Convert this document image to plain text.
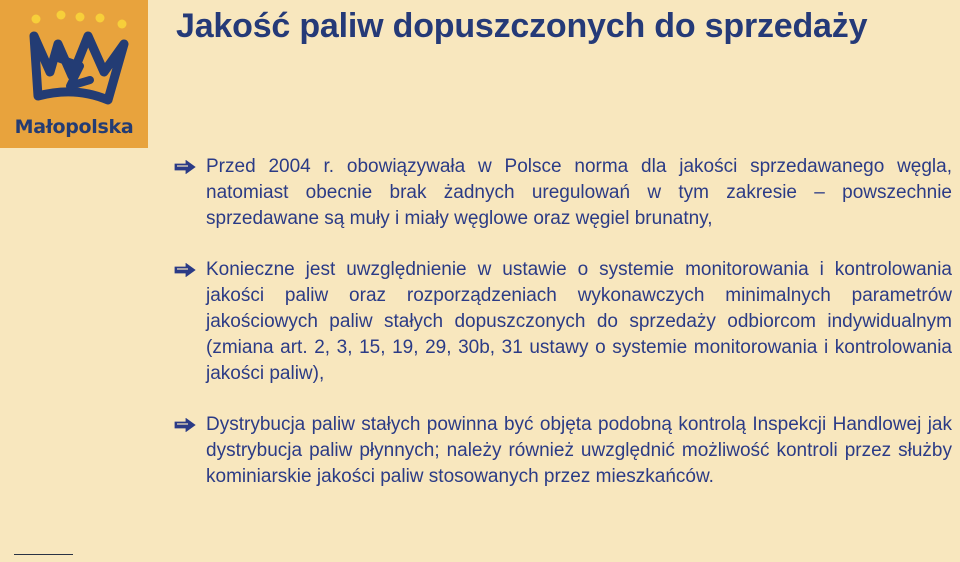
Małopolska
Jakość paliw dopuszczonych do sprzedaży
Przed 2004 r. obowiązywała w Polsce norma dla jakości sprzedawanego węgla, natomiast obecnie brak żadnych uregulowań w tym zakresie – powszechnie sprzedawane są muły i miały węglowe oraz węgiel brunatny,
Konieczne jest uwzględnienie w ustawie o systemie monitorowania i kontrolowania jakości paliw oraz rozporządzeniach wykonawczych minimalnych parametrów jakościowych paliw stałych dopuszczonych do sprzedaży odbiorcom indywidualnym (zmiana art. 2, 3, 15, 19, 29, 30b, 31 ustawy o systemie monitorowania i kontrolowania jakości paliw),
Dystrybucja paliw stałych powinna być objęta podobną kontrolą Inspekcji Handlowej jak dystrybucja paliw płynnych; należy również uwzględnić możliwość kontroli przez służby kominiarskie jakości paliw stosowanych przez mieszkańców.
